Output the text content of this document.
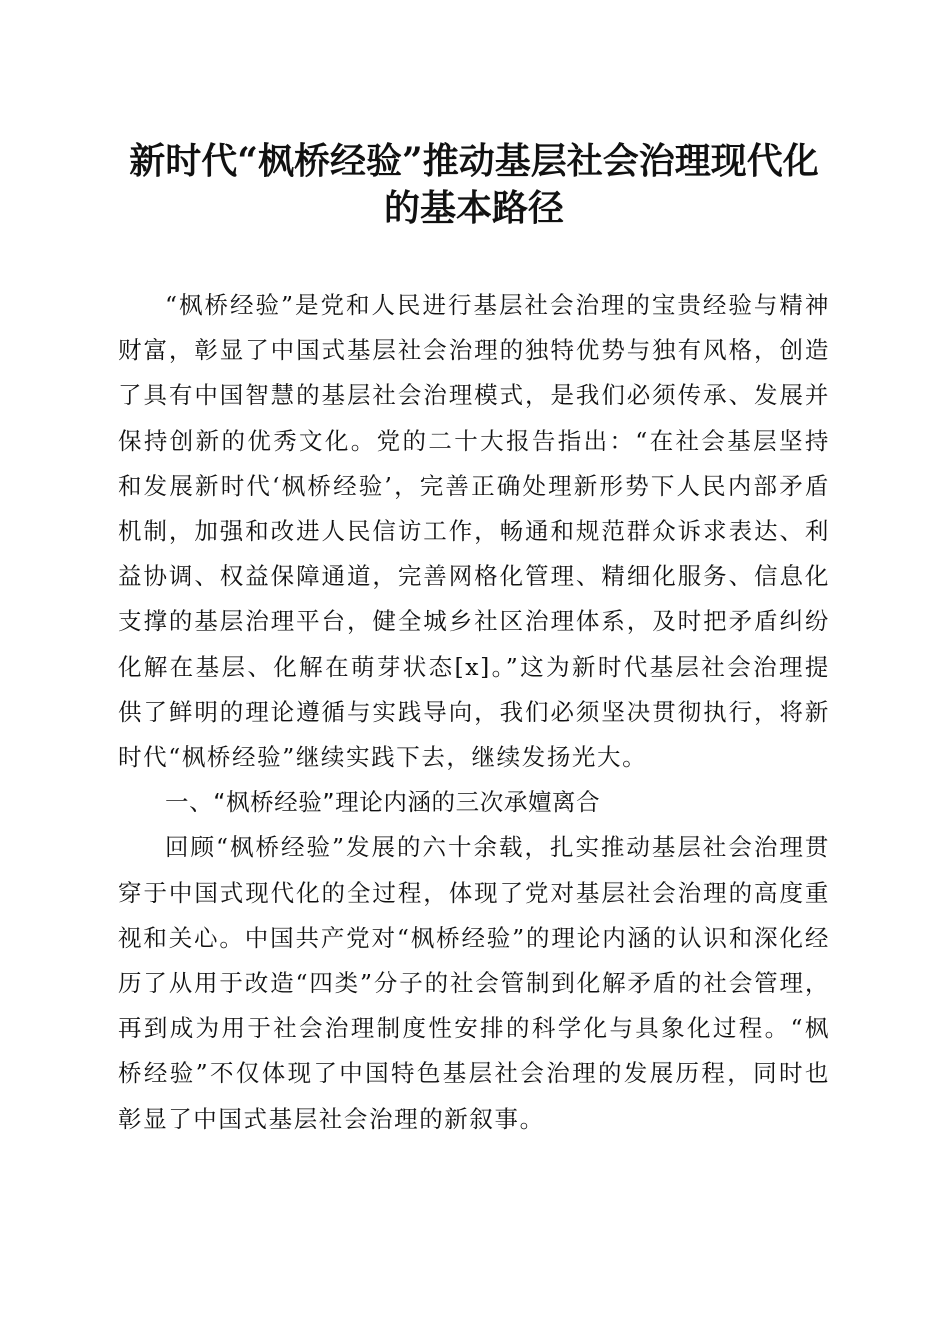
新时代“枫桥经验”推动基层社会治理现代化
的基本路径

“枫桥经验”是党和人民进行基层社会治理的宝贵经验与精神财富，彰显了中国式基层社会治理的独特优势与独有风格，创造了具有中国智慧的基层社会治理模式，是我们必须传承、发展并保持创新的优秀文化。党的二十大报告指出：“在社会基层坚持和发展新时代‘枫桥经验’，完善正确处理新形势下人民内部矛盾机制，加强和改进人民信访工作，畅通和规范群众诉求表达、利益协调、权益保障通道，完善网格化管理、精细化服务、信息化支撑的基层治理平台，健全城乡社区治理体系，及时把矛盾纠纷化解在基层、化解在萌芽状态[x]。”这为新时代基层社会治理提供了鲜明的理论遵循与实践导向，我们必须坚决贯彻执行，将新时代“枫桥经验”继续实践下去，继续发扬光大。

一、“枫桥经验”理论内涵的三次承嬗离合

回顾“枫桥经验”发展的六十余载，扎实推动基层社会治理贯穿于中国式现代化的全过程，体现了党对基层社会治理的高度重视和关心。中国共产党对“枫桥经验”的理论内涵的认识和深化经历了从用于改造“四类”分子的社会管制到化解矛盾的社会管理，再到成为用于社会治理制度性安排的科学化与具象化过程。“枫桥经验”不仅体现了中国特色基层社会治理的发展历程，同时也彰显了中国式基层社会治理的新叙事。
